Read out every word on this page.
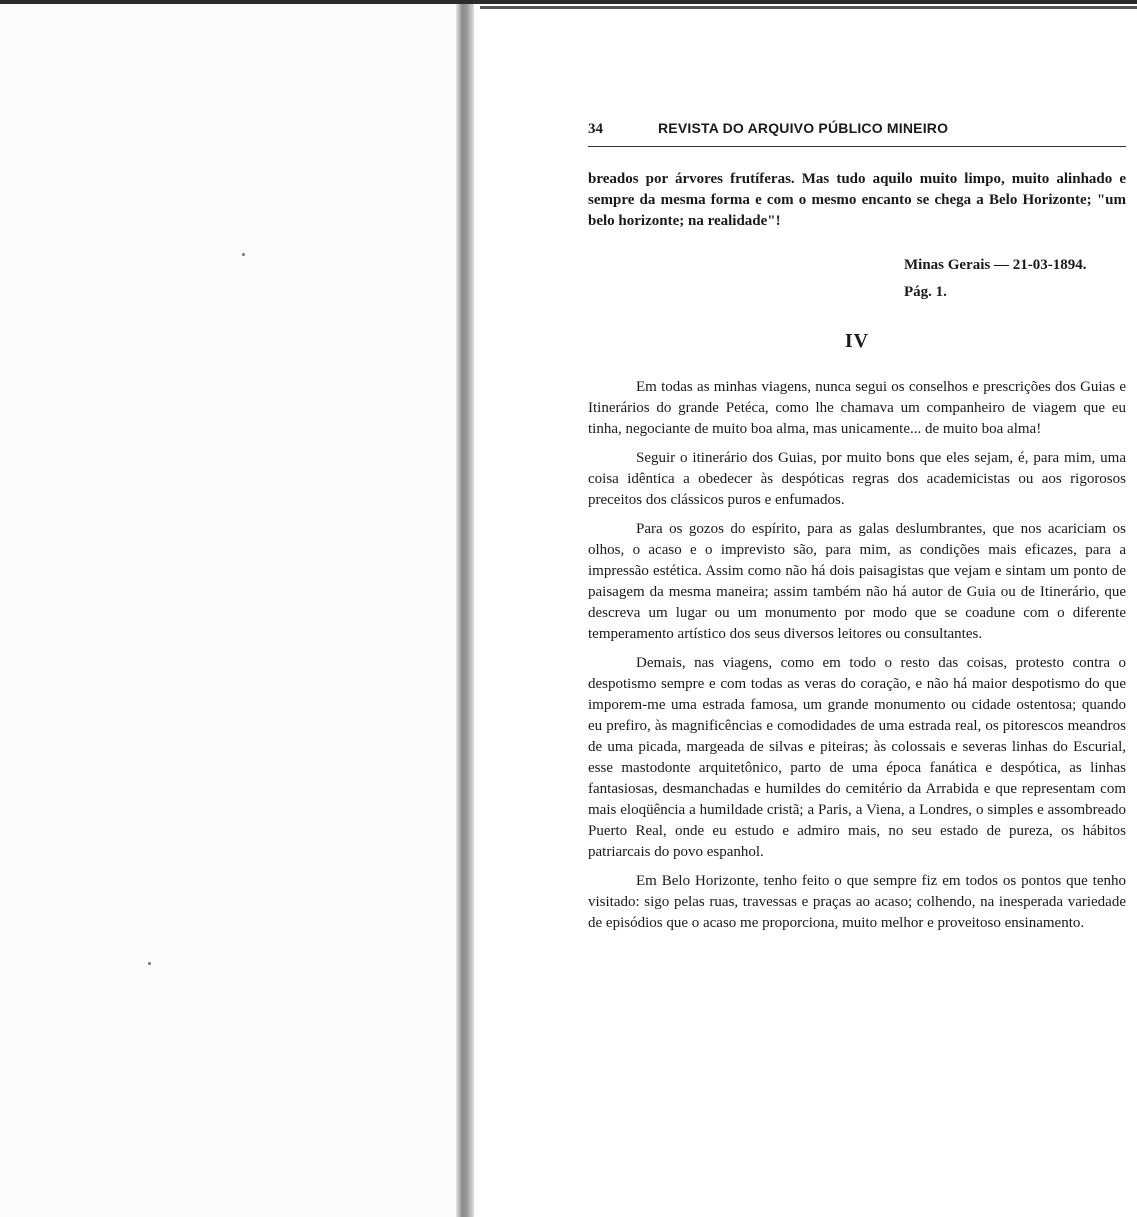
34	REVISTA DO ARQUIVO PÚBLICO MINEIRO

breados por árvores frutíferas. Mas tudo aquilo muito limpo, muito alinhado e sempre da mesma forma e com o mesmo encanto se chega a Belo Horizonte; "um belo horizonte; na realidade"!

Minas Gerais — 21-03-1894.
Pág. 1.
IV

Em todas as minhas viagens, nunca segui os conselhos e prescrições dos Guias e Itinerários do grande Petéca, como lhe chamava um companheiro de viagem que eu tinha, negociante de muito boa alma, mas unicamente... de muito boa alma!

Seguir o itinerário dos Guias, por muito bons que eles sejam, é, para mim, uma coisa idêntica a obedecer às despóticas regras dos academicistas ou aos rigorosos preceitos dos clássicos puros e enfumados.

Para os gozos do espírito, para as galas deslumbrantes, que nos acariciam os olhos, o acaso e o imprevisto são, para mim, as condições mais eficazes, para a impressão estética. Assim como não há dois paisagistas que vejam e sintam um ponto de paisagem da mesma maneira; assim também não há autor de Guia ou de Itinerário, que descreva um lugar ou um monumento por modo que se coadune com o diferente temperamento artístico dos seus diversos leitores ou consultantes.

Demais, nas viagens, como em todo o resto das coisas, protesto contra o despotismo sempre e com todas as veras do coração, e não há maior despotismo do que imporem-me uma estrada famosa, um grande monumento ou cidade ostentosa; quando eu prefiro, às magnificências e comodidades de uma estrada real, os pitorescos meandros de uma picada, margeada de silvas e piteiras; às colossais e severas linhas do Escurial, esse mastodonte arquitetônico, parto de uma época fanática e despótica, as linhas fantasiosas, desmanchadas e humildes do cemitério da Arrabida e que representam com mais eloqüência a humildade cristã; a Paris, a Viena, a Londres, o simples e assombreado Puerto Real, onde eu estudo e admiro mais, no seu estado de pureza, os hábitos patriarcais do povo espanhol.

Em Belo Horizonte, tenho feito o que sempre fiz em todos os pontos que tenho visitado: sigo pelas ruas, travessas e praças ao acaso; colhendo, na inesperada variedade de episódios que o acaso me proporciona, muito melhor e proveitoso ensinamento.
